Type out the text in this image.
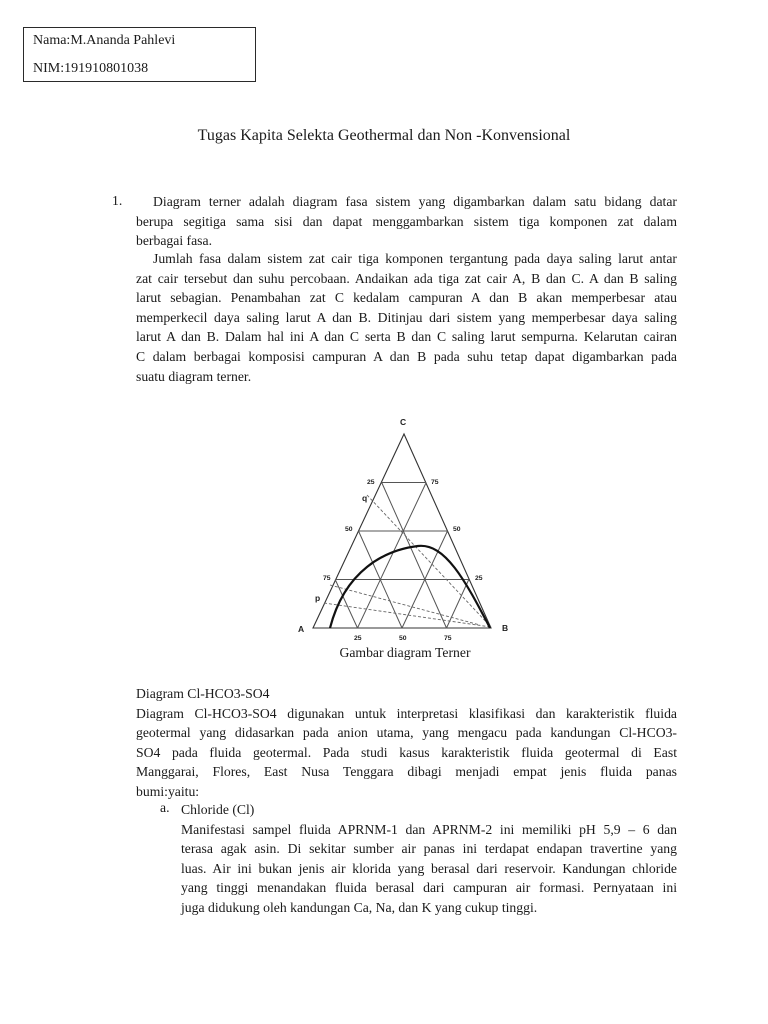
Nama:M.Ananda Pahlevi
NIM:191910801038
Tugas Kapita Selekta Geothermal dan Non -Konvensional
1.	Diagram terner adalah diagram fasa sistem yang digambarkan dalam satu bidang datar
berupa segitiga sama sisi dan dapat menggambarkan sistem tiga komponen zat dalam
berbagai fasa.
Jumlah fasa dalam sistem zat cair tiga komponen tergantung pada daya saling larut antar
zat cair tersebut dan suhu percobaan. Andaikan ada tiga zat cair A, B dan C. A dan B saling
larut sebagian. Penambahan zat C kedalam campuran A dan B akan memperbesar atau
memperkecil daya saling larut A dan B. Ditinjau dari sistem yang memperbesar daya saling
larut A dan B. Dalam hal ini A dan C serta B dan C saling larut sempurna. Kelarutan cairan
C dalam berbagai komposisi campuran A dan B pada suhu tetap dapat digambarkan pada
suatu diagram terner.
C
A	B
q
p
25
50
75
75
50
25
25	50	75
Gambar diagram Terner
Diagram Cl-HCO3-SO4
Diagram Cl-HCO3-SO4 digunakan untuk interpretasi klasifikasi dan karakteristik fluida
geotermal yang didasarkan pada anion utama, yang mengacu pada kandungan Cl-HCO3-
SO4 pada fluida geotermal. Pada studi kasus karakteristik fluida geotermal di East
Manggarai, Flores, East Nusa Tenggara dibagi menjadi empat jenis fluida panas
bumi:yaitu:
a. Chloride (Cl)
Manifestasi sampel fluida APRNM-1 dan APRNM-2 ini memiliki pH 5,9 – 6 dan
terasa agak asin. Di sekitar sumber air panas ini terdapat endapan travertine yang
luas. Air ini bukan jenis air klorida yang berasal dari reservoir. Kandungan chloride
yang tinggi menandakan fluida berasal dari campuran air formasi. Pernyataan ini
juga didukung oleh kandungan Ca, Na, dan K yang cukup tinggi.
